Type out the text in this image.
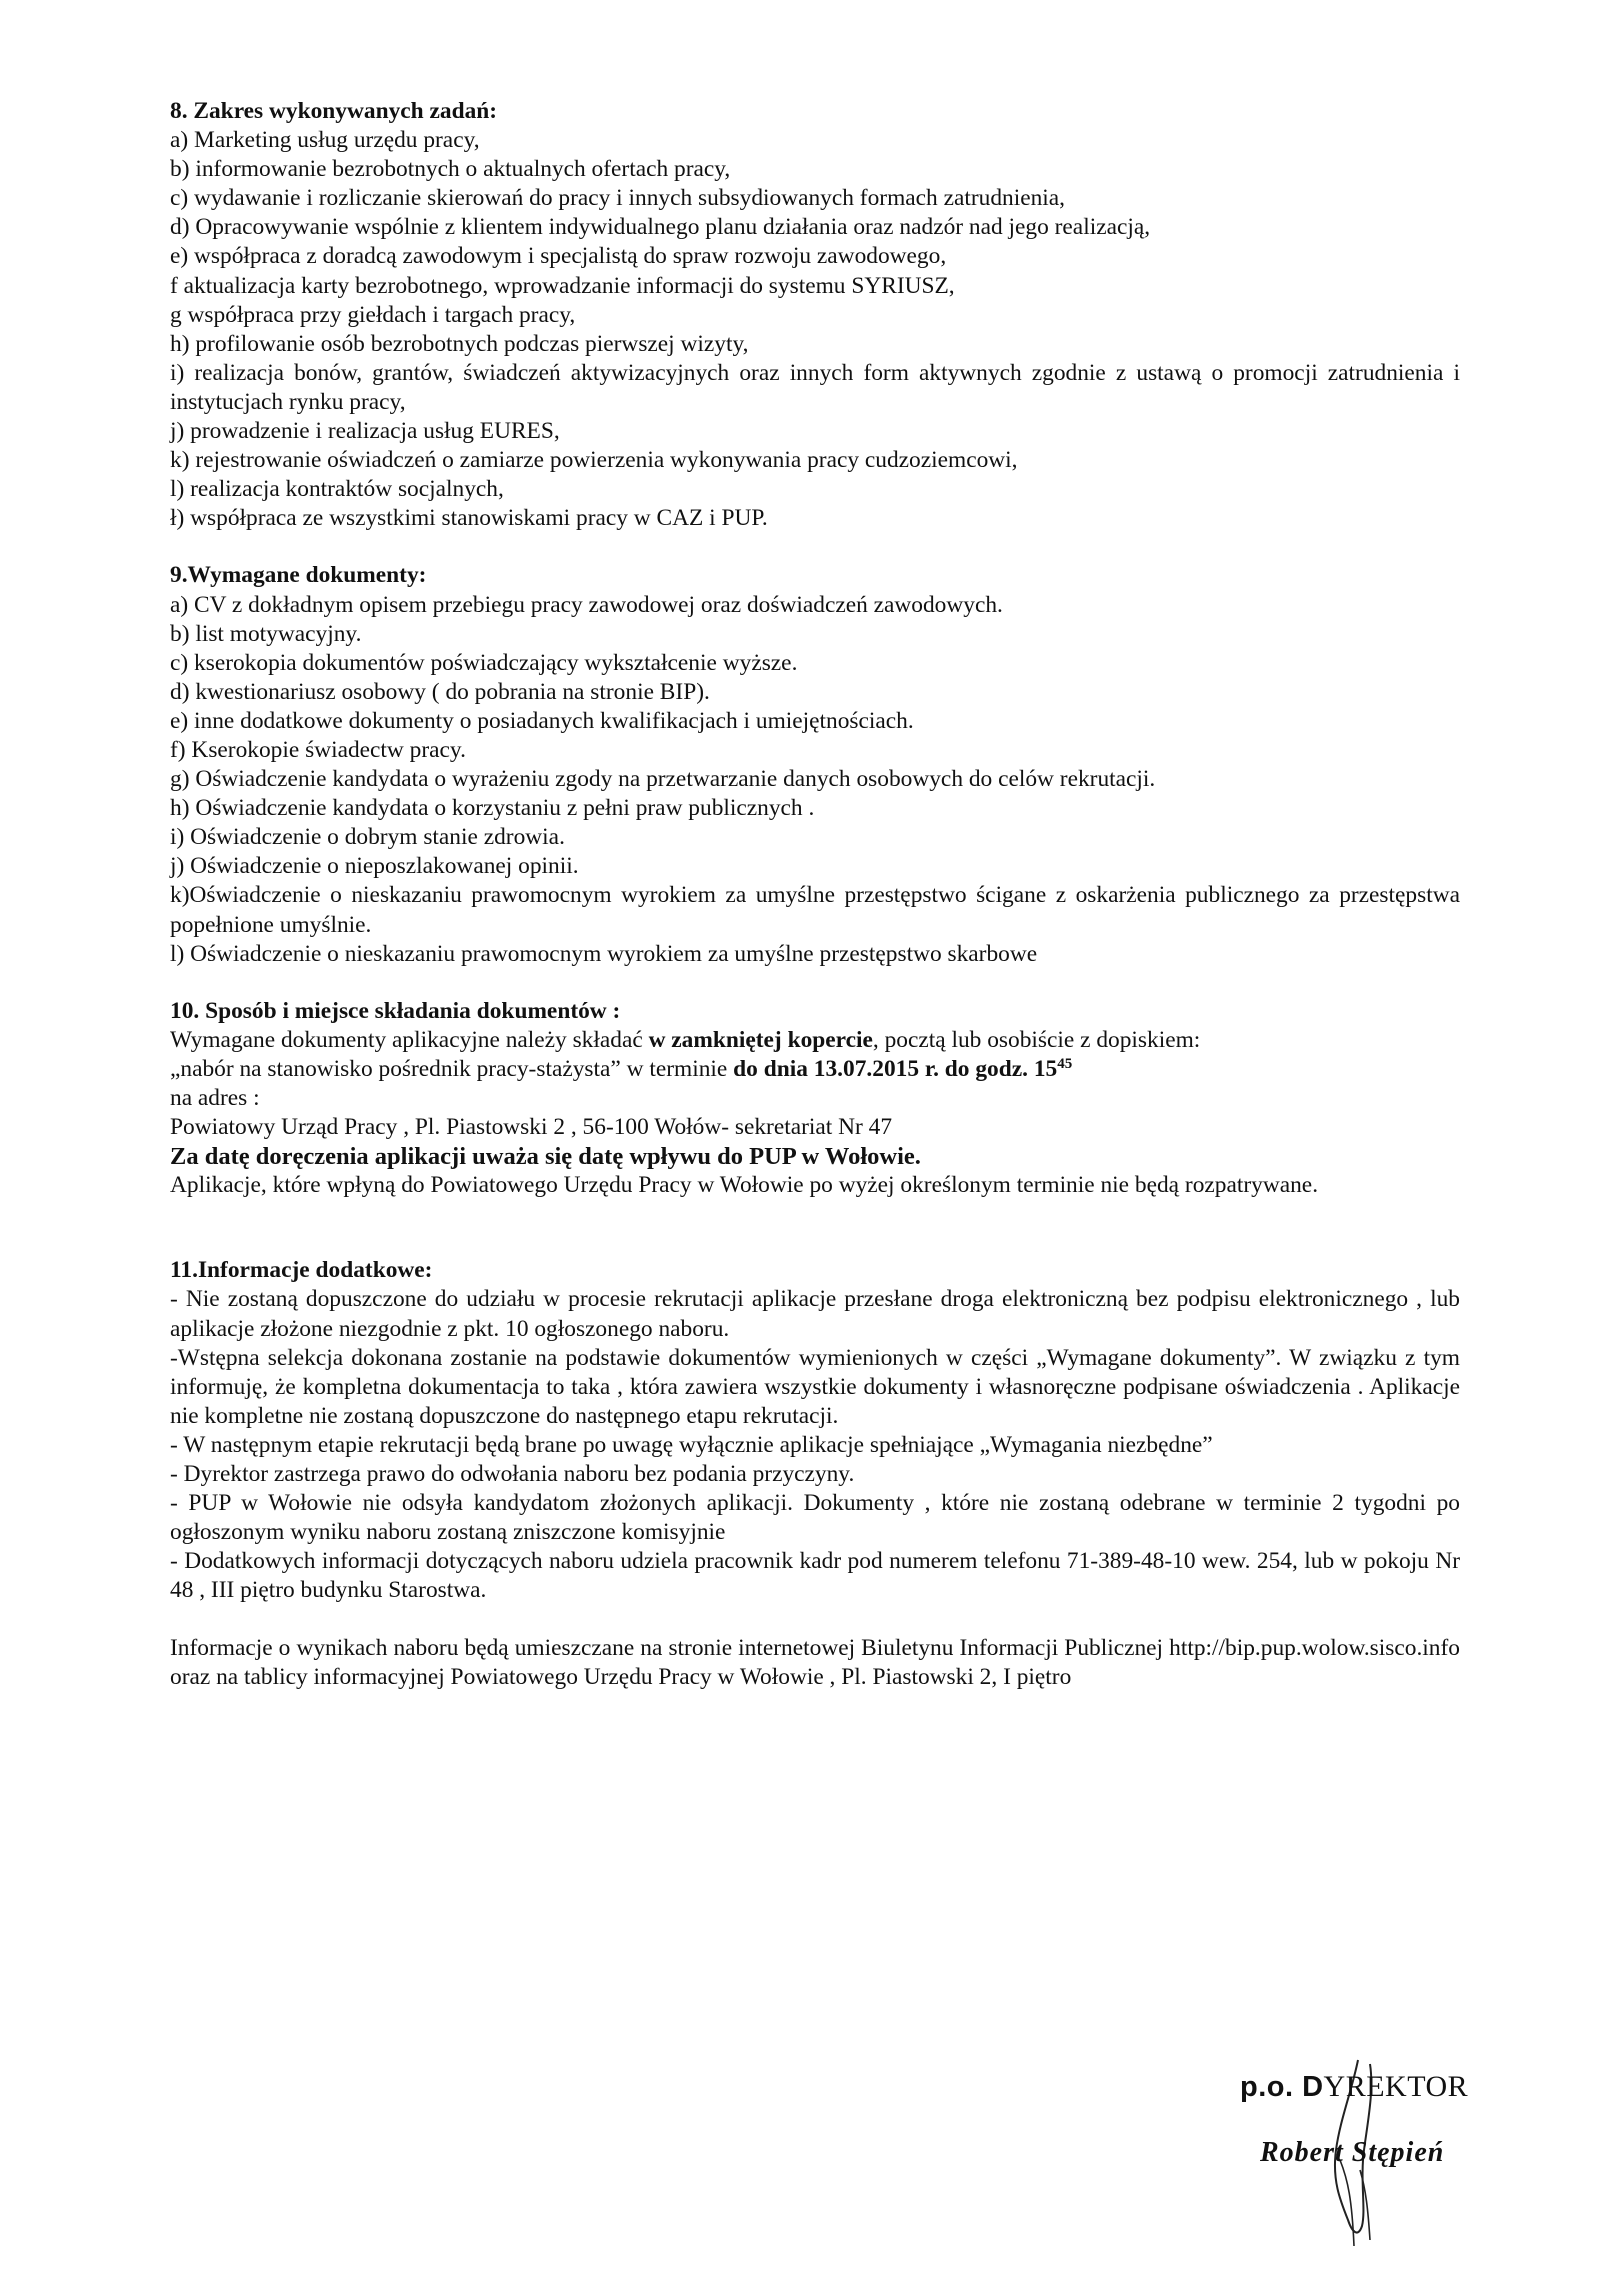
8. Zakres wykonywanych zadań:

a) Marketing usług urzędu pracy,

b) informowanie bezrobotnych o aktualnych ofertach pracy,

c) wydawanie i rozliczanie skierowań do pracy i innych subsydiowanych formach zatrudnienia,

d) Opracowywanie wspólnie z klientem indywidualnego planu działania oraz nadzór nad jego realizacją,

e) współpraca z doradcą zawodowym i specjalistą do spraw rozwoju zawodowego,

f aktualizacja karty bezrobotnego, wprowadzanie informacji do systemu SYRIUSZ,

g współpraca przy giełdach i targach pracy,

h) profilowanie osób bezrobotnych podczas pierwszej wizyty,

i) realizacja bonów, grantów, świadczeń aktywizacyjnych oraz innych form aktywnych zgodnie z ustawą o promocji zatrudnienia i instytucjach rynku pracy,

j) prowadzenie i realizacja usług EURES,

k) rejestrowanie oświadczeń o zamiarze powierzenia wykonywania pracy cudzoziemcowi,

l) realizacja kontraktów socjalnych,

ł) współpraca ze wszystkimi stanowiskami pracy w CAZ i PUP.

9.Wymagane dokumenty:

a) CV z dokładnym opisem przebiegu pracy zawodowej oraz doświadczeń zawodowych.

b) list motywacyjny.

c) kserokopia dokumentów poświadczający wykształcenie wyższe.

d) kwestionariusz osobowy ( do pobrania na stronie BIP).

e) inne dodatkowe dokumenty o posiadanych kwalifikacjach i umiejętnościach.

f) Kserokopie świadectw pracy.

g) Oświadczenie kandydata o wyrażeniu zgody na przetwarzanie danych osobowych do celów rekrutacji.

h) Oświadczenie kandydata o korzystaniu z pełni praw publicznych .

i) Oświadczenie o dobrym stanie zdrowia.

j) Oświadczenie o nieposzlakowanej opinii.

k)Oświadczenie o nieskazaniu prawomocnym wyrokiem za umyślne przestępstwo ścigane z oskarżenia publicznego za przestępstwa popełnione umyślnie.

l) Oświadczenie o nieskazaniu prawomocnym wyrokiem za umyślne przestępstwo skarbowe

10. Sposób i miejsce składania dokumentów :

Wymagane dokumenty aplikacyjne należy składać w zamkniętej kopercie, pocztą lub osobiście z dopiskiem:

„nabór na stanowisko pośrednik pracy-stażysta” w terminie do dnia 13.07.2015 r. do godz. $15^{45}$

na adres :

Powiatowy Urząd Pracy , Pl. Piastowski 2 , 56-100 Wołów- sekretariat Nr 47

Za datę doręczenia aplikacji uważa się datę wpływu do PUP w Wołowie.

Aplikacje, które wpłyną do Powiatowego Urzędu Pracy w Wołowie po wyżej określonym terminie nie będą rozpatrywane.

11.Informacje dodatkowe:

- Nie zostaną dopuszczone do udziału w procesie rekrutacji aplikacje przesłane droga elektroniczną bez podpisu elektronicznego , lub aplikacje złożone niezgodnie z pkt. 10 ogłoszonego naboru.

-Wstępna selekcja dokonana zostanie na podstawie dokumentów wymienionych w części „Wymagane dokumenty”. W związku z tym informuję, że kompletna dokumentacja to taka , która zawiera wszystkie dokumenty i własnoręczne podpisane oświadczenia . Aplikacje nie kompletne nie zostaną dopuszczone do następnego etapu rekrutacji.

- W następnym etapie rekrutacji będą brane po uwagę wyłącznie aplikacje spełniające „Wymagania niezbędne”

- Dyrektor zastrzega prawo do odwołania naboru bez podania przyczyny.

- PUP w Wołowie nie odsyła kandydatom złożonych aplikacji. Dokumenty , które nie zostaną odebrane w terminie 2 tygodni po ogłoszonym wyniku naboru zostaną zniszczone komisyjnie

- Dodatkowych informacji dotyczących naboru udziela pracownik kadr pod numerem telefonu 71-389-48-10 wew. 254, lub w pokoju Nr 48 , III piętro budynku Starostwa.

Informacje o wynikach naboru będą umieszczane na stronie internetowej Biuletynu Informacji Publicznej http://bip.pup.wolow.sisco.info oraz na tablicy informacyjnej Powiatowego Urzędu Pracy w Wołowie , Pl. Piastowski 2, I piętro

p.o. DYREKTOR
Robert Stępień
